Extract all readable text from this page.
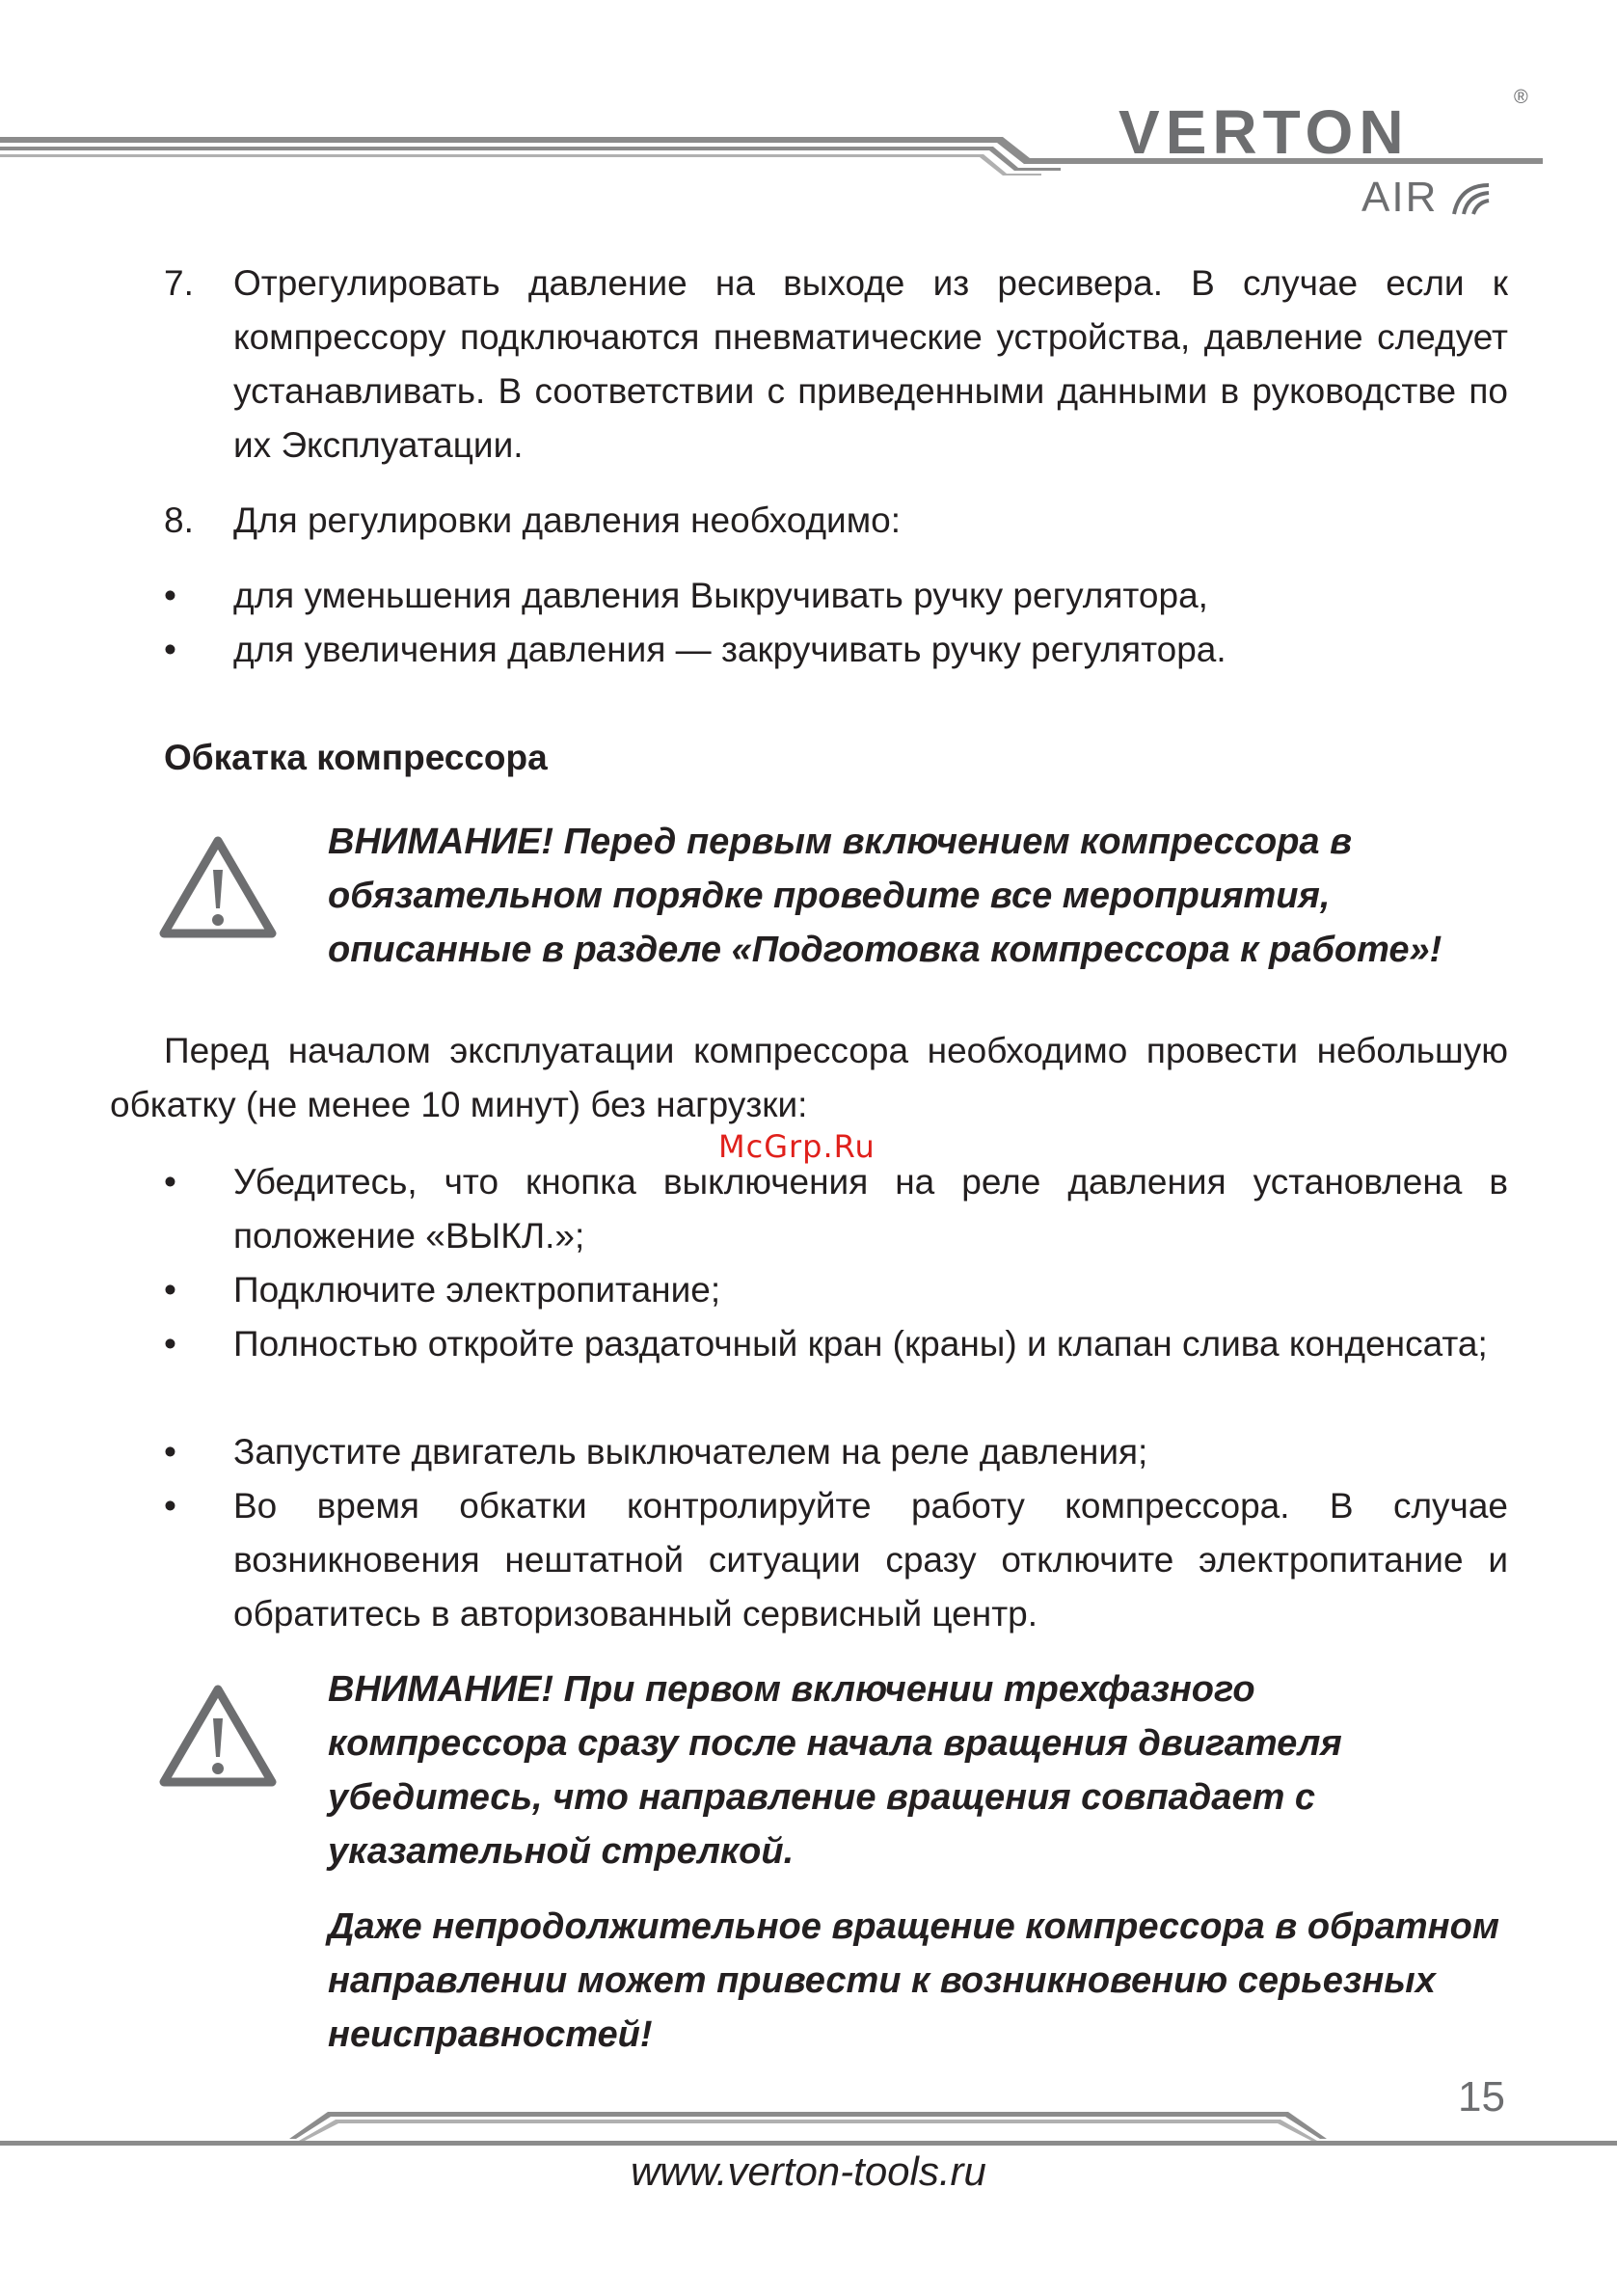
VERTON	®
AIR
7. Отрегулировать давление на выходе из ресивера. В случае если к компрессору подключаются пневматические устройства, давление следует устанавливать. В соответствии с приведенными данными в руководстве по их Эксплуатации.
8. Для регулировки давления необходимо:
• для уменьшения давления Выкручивать ручку регулятора,
• для увеличения давления — закручивать ручку регулятора.
Обкатка компрессора
ВНИМАНИЕ! Перед первым включением компрессора в обязательном порядке проведите все мероприятия, описанные в разделе «Подготовка компрессора к работе»!
Перед началом эксплуатации компрессора необходимо провести небольшую обкатку (не менее 10 минут) без нагрузки:
McGrp.Ru
• Убедитесь, что кнопка выключения на реле давления установлена в положение «ВЫКЛ.»;
• Подключите электропитание;
• Полностью откройте раздаточный кран (краны) и клапан слива конденсата;
• Запустите двигатель выключателем на реле давления;
• Во время обкатки контролируйте работу компрессора. В случае возникновения нештатной ситуации сразу отключите электропитание и обратитесь в авторизованный сервисный центр.
ВНИМАНИЕ! При первом включении трехфазного компрессора сразу после начала вращения двигателя убедитесь, что направление вращения совпадает с указательной стрелкой.
Даже непродолжительное вращение компрессора в обратном направлении может привести к возникновению серьезных неисправностей!
15
www.verton-tools.ru
